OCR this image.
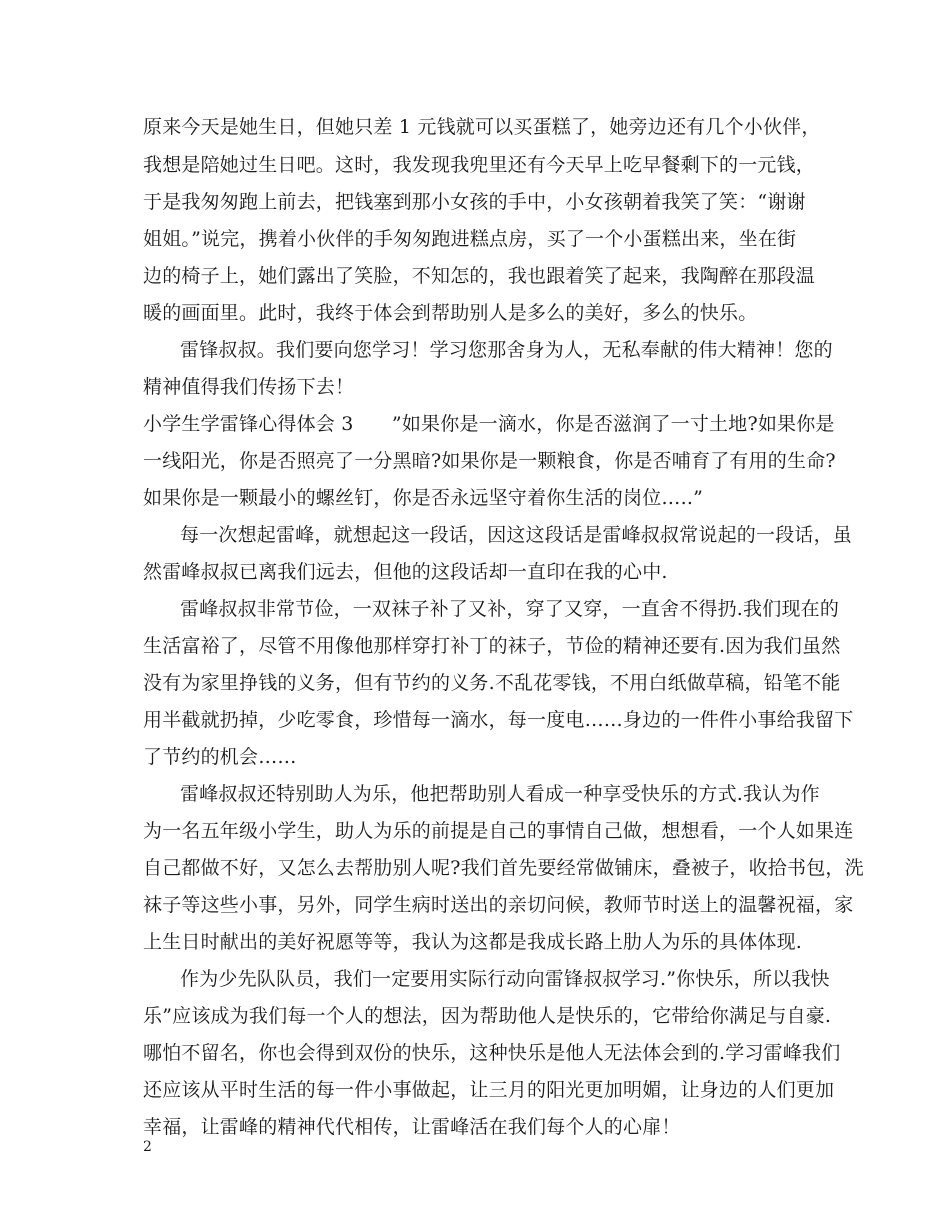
原来今天是她生日，但她只差 1 元钱就可以买蛋糕了，她旁边还有几个小伙伴，
我想是陪她过生日吧。这时，我发现我兜里还有今天早上吃早餐剩下的一元钱，
于是我匆匆跑上前去，把钱塞到那小女孩的手中，小女孩朝着我笑了笑：“谢谢
姐姐。”说完，携着小伙伴的手匆匆跑进糕点房，买了一个小蛋糕出来，坐在街
边的椅子上，她们露出了笑脸，不知怎的，我也跟着笑了起来，我陶醉在那段温
暖的画面里。此时，我终于体会到帮助别人是多么的美好，多么的快乐。
雷锋叔叔。我们要向您学习！学习您那舍身为人，无私奉献的伟大精神！您的
精神值得我们传扬下去！
小学生学雷锋心得体会 3　　”如果你是一滴水，你是否滋润了一寸土地?如果你是
一线阳光，你是否照亮了一分黑暗?如果你是一颗粮食，你是否哺育了有用的生命?
如果你是一颗最小的螺丝钉，你是否永远坚守着你生活的岗位…..”
每一次想起雷峰，就想起这一段话，因这这段话是雷峰叔叔常说起的一段话，虽
然雷峰叔叔已离我们远去，但他的这段话却一直印在我的心中.
雷峰叔叔非常节俭，一双袜子补了又补，穿了又穿，一直舍不得扔.我们现在的
生活富裕了，尽管不用像他那样穿打补丁的袜子，节俭的精神还要有.因为我们虽然
没有为家里挣钱的义务，但有节约的义务.不乱花零钱，不用白纸做草稿，铅笔不能
用半截就扔掉，少吃零食，珍惜每一滴水，每一度电……身边的一件件小事给我留下
了节约的机会……
雷峰叔叔还特别助人为乐，他把帮助别人看成一种享受快乐的方式.我认为作
为一名五年级小学生，助人为乐的前提是自己的事情自己做，想想看，一个人如果连
自己都做不好，又怎么去帮肋别人呢?我们首先要经常做铺床，叠被子，收拾书包，洗
袜子等这些小事，另外，同学生病时送出的亲切问候，教师节时送上的温馨祝福，家
上生日时献出的美好祝愿等等，我认为这都是我成长路上肋人为乐的具体体现.
作为少先队队员，我们一定要用实际行动向雷锋叔叔学习.”你快乐，所以我快
乐”应该成为我们每一个人的想法，因为帮助他人是快乐的，它带给你满足与自豪.
哪怕不留名，你也会得到双份的快乐，这种快乐是他人无法体会到的.学习雷峰我们
还应该从平时生活的每一件小事做起，让三月的阳光更加明媚，让身边的人们更加
幸福，让雷峰的精神代代相传，让雷峰活在我们每个人的心扉！
2
